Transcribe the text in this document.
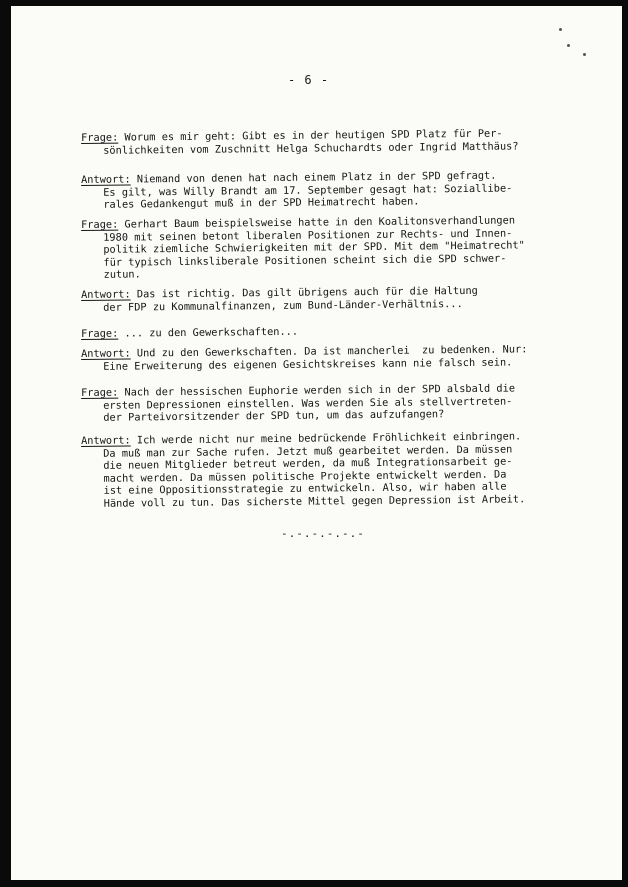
- 6 -
Frage: Worum es mir geht: Gibt es in der heutigen SPD Platz für Per-
sönlichkeiten vom Zuschnitt Helga Schuchardts oder Ingrid Matthäus?
Antwort: Niemand von denen hat nach einem Platz in der SPD gefragt.
Es gilt, was Willy Brandt am 17. September gesagt hat: Soziallibe-
rales Gedankengut muß in der SPD Heimatrecht haben.
Frage: Gerhart Baum beispielsweise hatte in den Koalitonsverhandlungen
1980 mit seinen betont liberalen Positionen zur Rechts- und Innen-
politik ziemliche Schwierigkeiten mit der SPD. Mit dem "Heimatrecht"
für typisch linksliberale Positionen scheint sich die SPD schwer-
zutun.
Antwort: Das ist richtig. Das gilt übrigens auch für die Haltung
der FDP zu Kommunalfinanzen, zum Bund-Länder-Verhältnis...
Frage: ... zu den Gewerkschaften...
Antwort: Und zu den Gewerkschaften. Da ist mancherlei  zu bedenken. Nur:
Eine Erweiterung des eigenen Gesichtskreises kann nie falsch sein.
Frage: Nach der hessischen Euphorie werden sich in der SPD alsbald die
ersten Depressionen einstellen. Was werden Sie als stellvertreten-
der Parteivorsitzender der SPD tun, um das aufzufangen?
Antwort: Ich werde nicht nur meine bedrückende Fröhlichkeit einbringen.
Da muß man zur Sache rufen. Jetzt muß gearbeitet werden. Da müssen
die neuen Mitglieder betreut werden, da muß Integrationsarbeit ge-
macht werden. Da müssen politische Projekte entwickelt werden. Da
ist eine Oppositionsstrategie zu entwickeln. Also, wir haben alle
Hände voll zu tun. Das sicherste Mittel gegen Depression ist Arbeit.
-.-.-.-.-.-
